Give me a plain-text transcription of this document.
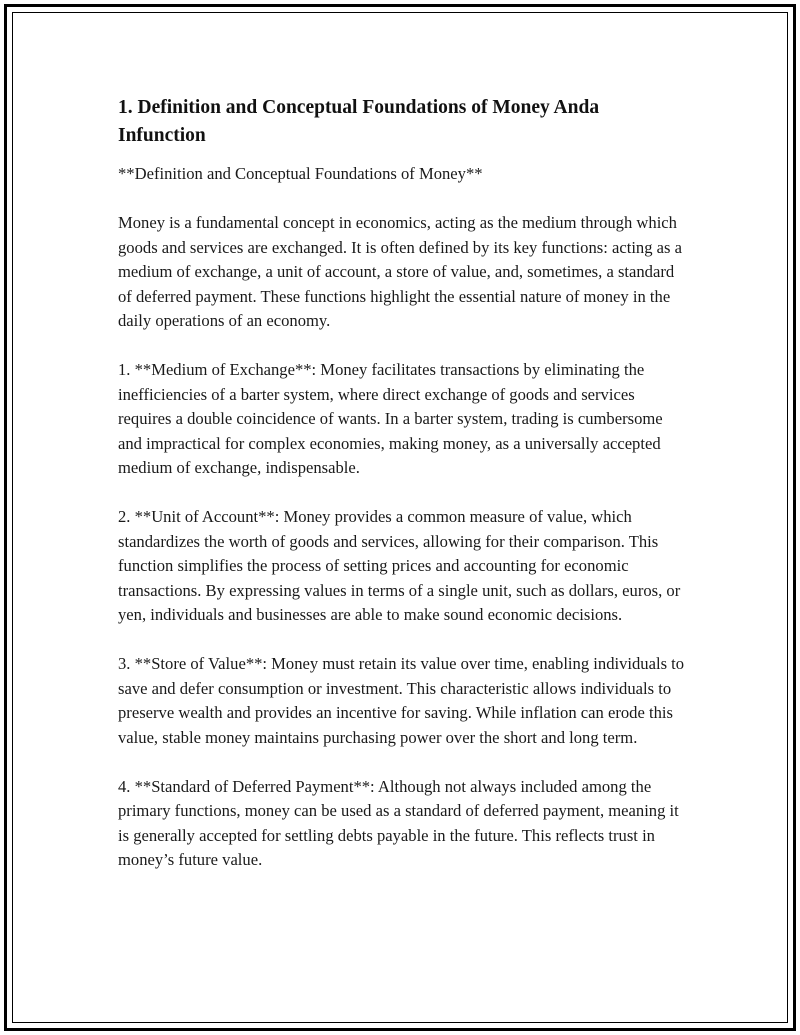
1. Definition and Conceptual Foundations of Money Anda Infunction

**Definition and Conceptual Foundations of Money**

Money is a fundamental concept in economics, acting as the medium through which goods and services are exchanged. It is often defined by its key functions: acting as a medium of exchange, a unit of account, a store of value, and, sometimes, a standard of deferred payment. These functions highlight the essential nature of money in the daily operations of an economy.

1. **Medium of Exchange**: Money facilitates transactions by eliminating the inefficiencies of a barter system, where direct exchange of goods and services requires a double coincidence of wants. In a barter system, trading is cumbersome and impractical for complex economies, making money, as a universally accepted medium of exchange, indispensable.

2. **Unit of Account**: Money provides a common measure of value, which standardizes the worth of goods and services, allowing for their comparison. This function simplifies the process of setting prices and accounting for economic transactions. By expressing values in terms of a single unit, such as dollars, euros, or yen, individuals and businesses are able to make sound economic decisions.

3. **Store of Value**: Money must retain its value over time, enabling individuals to save and defer consumption or investment. This characteristic allows individuals to preserve wealth and provides an incentive for saving. While inflation can erode this value, stable money maintains purchasing power over the short and long term.

4. **Standard of Deferred Payment**: Although not always included among the primary functions, money can be used as a standard of deferred payment, meaning it is generally accepted for settling debts payable in the future. This reflects trust in money’s future value.
